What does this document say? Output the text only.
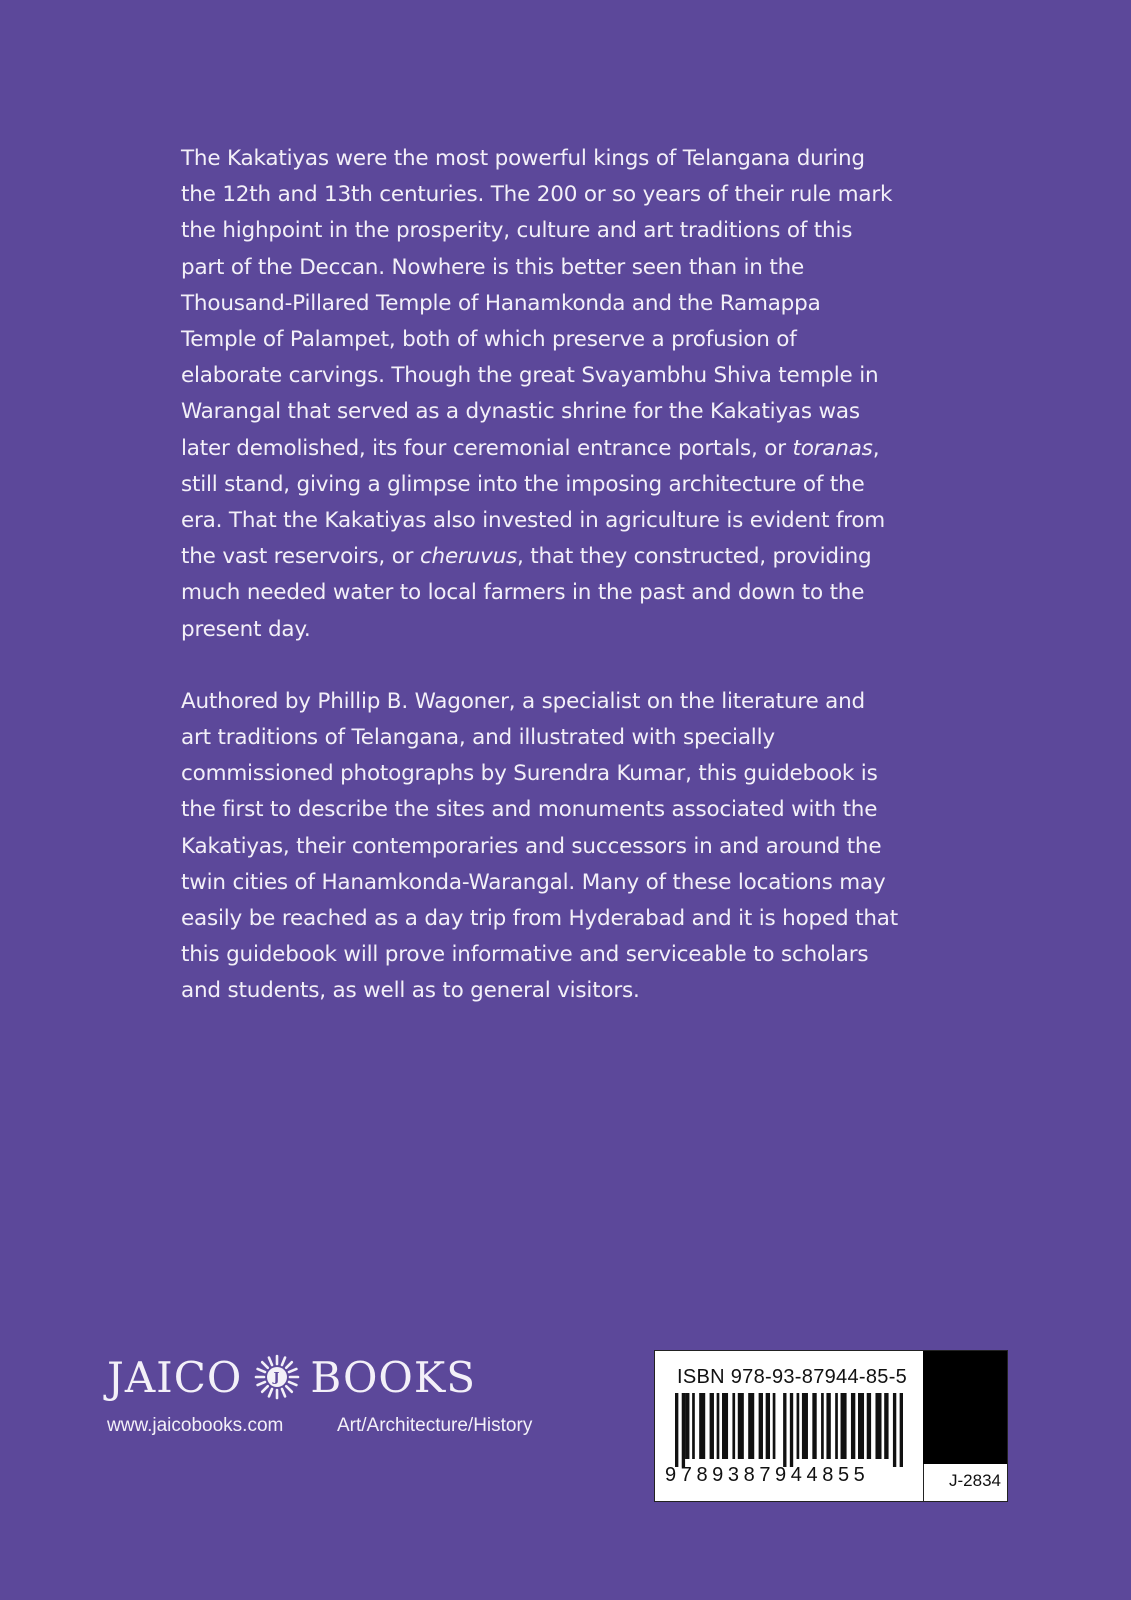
The Kakatiyas were the most powerful kings of Telangana during the 12th and 13th centuries. The 200 or so years of their rule mark the highpoint in the prosperity, culture and art traditions of this part of the Deccan. Nowhere is this better seen than in the Thousand-Pillared Temple of Hanamkonda and the Ramappa Temple of Palampet, both of which preserve a profusion of elaborate carvings. Though the great Svayambhu Shiva temple in Warangal that served as a dynastic shrine for the Kakatiyas was later demolished, its four ceremonial entrance portals, or toranas, still stand, giving a glimpse into the imposing architecture of the era. That the Kakatiyas also invested in agriculture is evident from the vast reservoirs, or cheruvus, that they constructed, providing much needed water to local farmers in the past and down to the present day.

Authored by Phillip B. Wagoner, a specialist on the literature and art traditions of Telangana, and illustrated with specially commissioned photographs by Surendra Kumar, this guidebook is the first to describe the sites and monuments associated with the Kakatiyas, their contemporaries and successors in and around the twin cities of Hanamkonda-Warangal. Many of these locations may easily be reached as a day trip from Hyderabad and it is hoped that this guidebook will prove informative and serviceable to scholars and students, as well as to general visitors.

JAICO J BOOKS
www.jaicobooks.com	Art/Architecture/History
ISBN 978-93-87944-85-5
9789387944855	J-2834
